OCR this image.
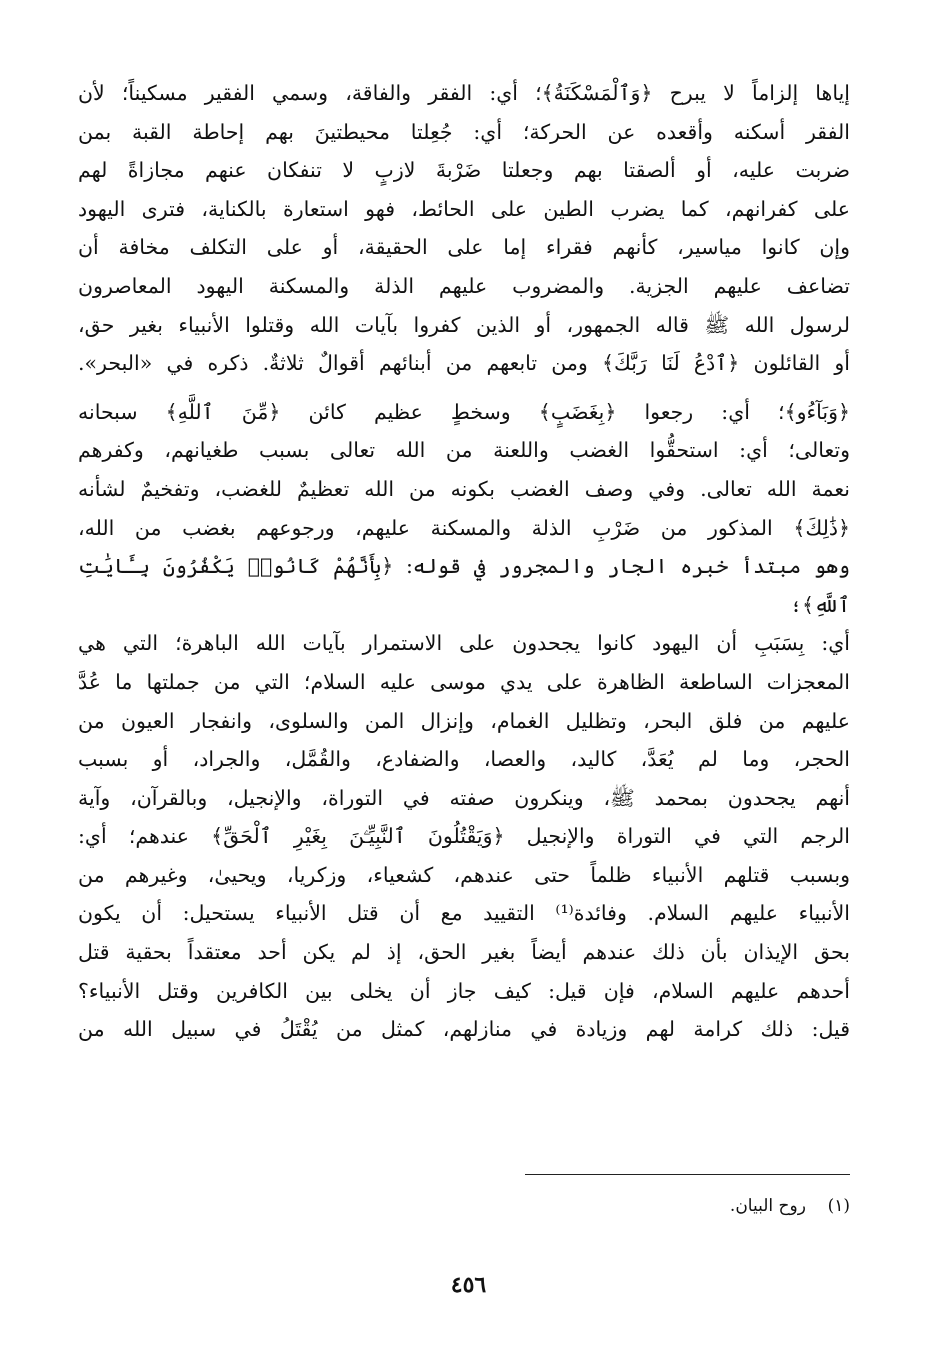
إياها إلزاماً لا يبرح ﴿وَٱلْمَسْكَنَةُ﴾؛ أي: الفقر والفاقة، وسمي الفقير مسكيناً؛ لأن
الفقر أسكنه وأقعده عن الحركة؛ أي: جُعِلتا محيطتينَ بهم إحاطة القبة بمن
ضربت عليه، أو ألصقتا بهم وجعلتا ضَرْبةَ لازبٍ لا تنفكان عنهم مجازاةً لهم
على كفرانهم، كما يضرب الطين على الحائط، فهو استعارة بالكناية، فترى اليهود
وإن كانوا مياسير، كأنهم فقراء إما على الحقيقة، أو على التكلف مخافة أن
تضاعف عليهم الجزية. والمضروب عليهم الذلة والمسكنة اليهود المعاصرون
لرسول الله ﷺ قاله الجمهور، أو الذين كفروا بآيات الله وقتلوا الأنبياء بغير حق،
أو القائلون ﴿ٱدْعُ لَنَا رَبَّكَ﴾ ومن تابعهم من أبنائهم أقوالٌ ثلاثةٌ. ذكره في «البحر».
﴿وَبَآءُو﴾؛ أي: رجعوا ﴿بِغَضَبٍ﴾ وسخطٍ عظيم كائن ﴿مِّنَ ٱللَّهِ﴾ سبحانه
وتعالى؛ أي: استحقُّوا الغضب واللعنة من الله تعالى بسبب طغيانهم، وكفرهم
نعمة الله تعالى. وفي وصف الغضب بكونه من الله تعظيمٌ للغضب، وتفخيمٌ لشأنه
﴿ذَٰلِكَ﴾ المذكور من ضَرْبِ الذلة والمسكنة عليهم، ورجوعهم بغضب من الله،
وهو مبتدأ خبره الجار والمجرور في قوله: ﴿بِأَنَّهُمْ كَانُوا۟ يَكْفُرُونَ بِـَٔايَٰتِ ٱللَّهِ﴾؛
أي: بِسَبَبِ أن اليهود كانوا يجحدون على الاستمرار بآيات الله الباهرة؛ التي هي
المعجزات الساطعة الظاهرة على يدي موسى عليه السلام؛ التي من جملتها ما عُدَّ
عليهم من فلق البحر، وتظليل الغمام، وإنزال المن والسلوى، وانفجار العيون من
الحجر، وما لم يُعَدَّ، كاليد، والعصا، والضفادع، والقُمَّل، والجراد، أو بسبب
أنهم يجحدون بمحمد ﷺ، وينكرون صفته في التوراة، والإنجيل، وبالقرآن، وآية
الرجم التي في التوراة والإنجيل ﴿وَيَقْتُلُونَ ٱلنَّبِيِّـۧنَ بِغَيْرِ ٱلْحَقِّ﴾ عندهم؛ أي:
وبسبب قتلهم الأنبياء ظلماً حتى عندهم، كشعياء، وزكريا، ويحيىٰ، وغيرهم من
الأنبياء عليهم السلام. وفائدة⁽¹⁾ التقييد مع أن قتل الأنبياء يستحيل: أن يكون
بحق الإيذان بأن ذلك عندهم أيضاً بغير الحق، إذ لم يكن أحد معتقداً بحقية قتل
أحدهم عليهم السلام، فإن قيل: كيف جاز أن يخلى بين الكافرين وقتل الأنبياء؟
قيل: ذلك كرامة لهم وزيادة في منازلهم، كمثل من يُقْتَلُ في سبيل الله من
(١)    روح البيان.
٤٥٦
